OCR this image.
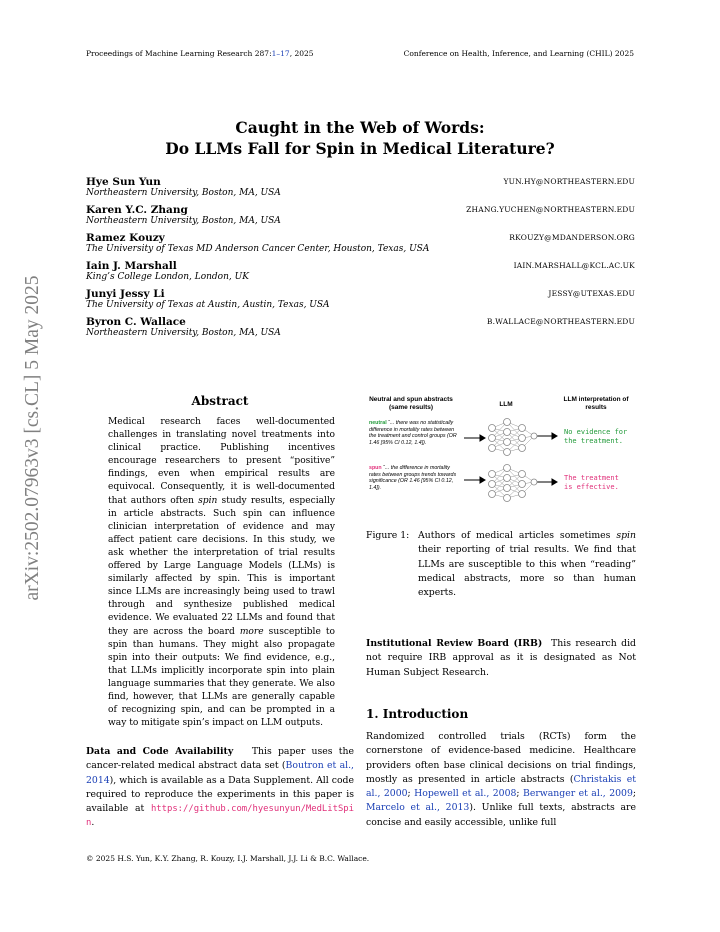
Proceedings of Machine Learning Research 287:1–17, 2025	Conference on Health, Inference, and Learning (CHIL) 2025
arXiv:2502.07963v3 [cs.CL] 5 May 2025
Caught in the Web of Words:
Do LLMs Fall for Spin in Medical Literature?
Hye Sun Yun	YUN.HY@NORTHEASTERN.EDU
Northeastern University, Boston, MA, USA
Karen Y.C. Zhang	ZHANG.YUCHEN@NORTHEASTERN.EDU
Northeastern University, Boston, MA, USA
Ramez Kouzy	RKOUZY@MDANDERSON.ORG
The University of Texas MD Anderson Cancer Center, Houston, Texas, USA
Iain J. Marshall	IAIN.MARSHALL@KCL.AC.UK
King’s College London, London, UK
Junyi Jessy Li	JESSY@UTEXAS.EDU
The University of Texas at Austin, Austin, Texas, USA
Byron C. Wallace	B.WALLACE@NORTHEASTERN.EDU
Northeastern University, Boston, MA, USA
Abstract
Medical research faces well-documented challenges in translating novel treatments into clinical practice. Publishing incentives encourage researchers to present “positive” findings, even when empirical results are equivocal. Consequently, it is well-documented that authors often spin study results, especially in article abstracts. Such spin can influence clinician interpretation of evidence and may affect patient care decisions. In this study, we ask whether the interpretation of trial results offered by Large Language Models (LLMs) is similarly affected by spin. This is important since LLMs are increasingly being used to trawl through and synthesize published medical evidence. We evaluated 22 LLMs and found that they are across the board more susceptible to spin than humans. They might also propagate spin into their outputs: We find evidence, e.g., that LLMs implicitly incorporate spin into plain language summaries that they generate. We also find, however, that LLMs are generally capable of recognizing spin, and can be prompted in a way to mitigate spin’s impact on LLM outputs.
Data and Code Availability This paper uses the cancer-related medical abstract data set (Boutron et al., 2014), which is available as a Data Supplement. All code required to reproduce the experiments in this paper is available at https://github.com/hyesunyun/MedLitSpin.
Neutral and spun abstracts (same results)	LLM
LLM interpretation of results
neutral “... there was no statistically difference in mortality rates between the treatment and control groups (OR 1.46 [95% CI 0.12, 1.4]).
spun “... the difference in mortality rates between groups trends towards significance (OR 1.46 [95% CI 0.12, 1.4]).
No evidence for
the treatment.
The treatment
is effective.
Figure 1: Authors of medical articles sometimes spin their reporting of trial results. We find that LLMs are susceptible to this when “reading” medical abstracts, more so than human experts.
Institutional Review Board (IRB) This research did not require IRB approval as it is designated as Not Human Subject Research.
1. Introduction
Randomized controlled trials (RCTs) form the cornerstone of evidence-based medicine. Healthcare providers often base clinical decisions on trial findings, mostly as presented in article abstracts (Christakis et al., 2000; Hopewell et al., 2008; Berwanger et al., 2009; Marcelo et al., 2013). Unlike full texts, abstracts are concise and easily accessible, unlike full
© 2025 H.S. Yun, K.Y. Zhang, R. Kouzy, I.J. Marshall, J.J. Li & B.C. Wallace.
